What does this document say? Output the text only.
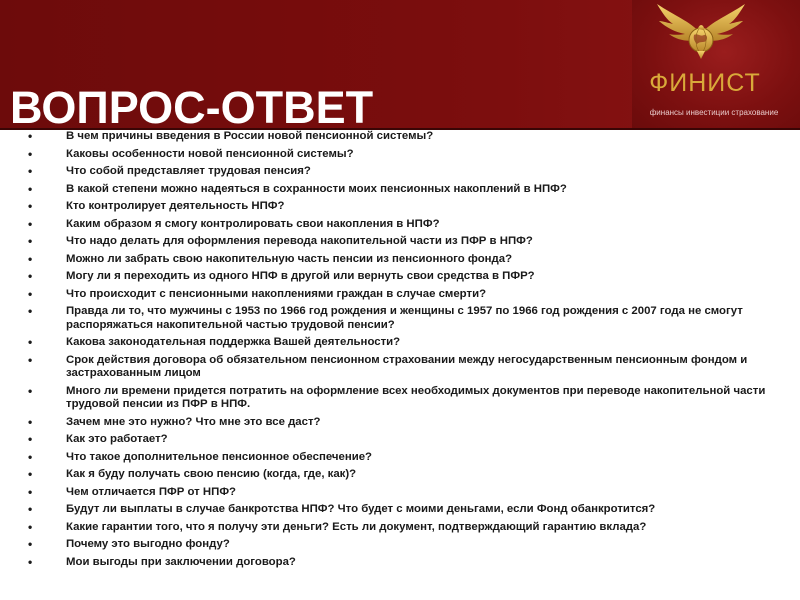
ВОПРОС-ОТВЕТ	ФИНИСТ
финансы инвестиции страхование
•	В чем причины введения в России новой пенсионной системы?
•	Каковы особенности новой пенсионной системы?
•	Что собой представляет трудовая пенсия?
•	В какой степени можно надеяться в сохранности моих пенсионных накоплений в НПФ?
•	Кто контролирует деятельность НПФ?
•	Каким образом я смогу контролировать свои накопления в НПФ?
•	Что надо делать для оформления перевода накопительной части из ПФР в НПФ?
•	Можно ли забрать свою накопительную часть пенсии из пенсионного фонда?
•	Могу ли я переходить из одного НПФ в другой или вернуть свои средства в ПФР?
•	Что происходит с пенсионными накоплениями граждан в случае смерти?
•	Правда ли то, что мужчины с 1953 по 1966 год рождения и женщины с 1957 по 1966 год рождения с 2007 года не смогут распоряжаться накопительной частью трудовой пенсии?
•	Какова законодательная поддержка Вашей деятельности?
•	Срок действия договора об обязательном пенсионном страховании между негосударственным пенсионным фондом и застрахованным лицом
•	Много ли времени придется потратить на оформление всех необходимых документов при переводе накопительной части трудовой пенсии из ПФР в НПФ.
•	Зачем мне это нужно? Что мне это все даст?
•	Как это работает?
•	Что такое дополнительное пенсионное обеспечение?
•	Как я буду получать свою пенсию (когда, где, как)?
•	Чем отличается ПФР от НПФ?
•	Будут ли выплаты в случае банкротства НПФ? Что будет с моими деньгами, если Фонд обанкротится?
•	Какие гарантии того, что я получу эти деньги? Есть ли документ, подтверждающий гарантию вклада?
•	Почему это выгодно фонду?
•	Мои выгоды при заключении договора?
